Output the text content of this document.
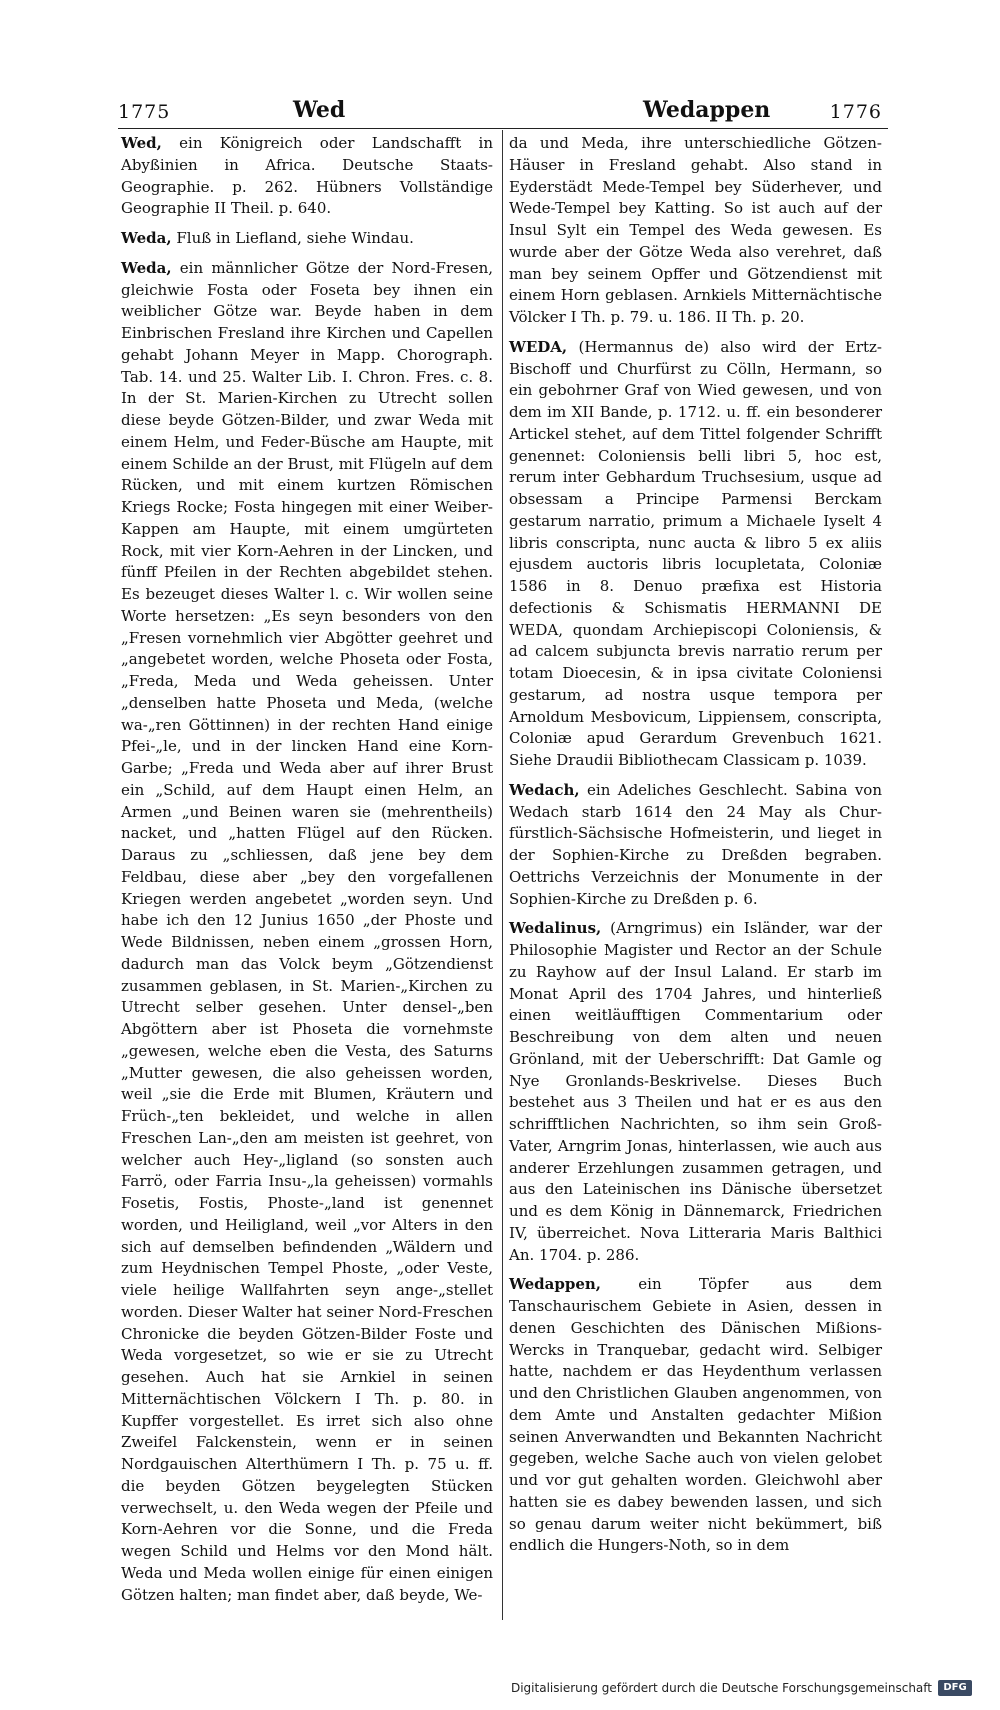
1775	Wed	Wedappen	1776

Wed, ein Königreich oder Landschafft in Abyßinien in Africa. Deutsche Staats-Geographie. p. 262. Hübners Vollständige Geographie II Theil. p. 640.

Weda, Fluß in Liefland, siehe Windau.

Weda, ein männlicher Götze der Nord-Fresen, gleichwie Fosta oder Foseta bey ihnen ein weiblicher Götze war. Beyde haben in dem Einbrischen Fresland ihre Kirchen und Capellen gehabt Johann Meyer in Mapp. Chorograph. Tab. 14. und 25. Walter Lib. I. Chron. Fres. c. 8. In der St. Marien-Kirchen zu Utrecht sollen diese beyde Götzen-Bilder, und zwar Weda mit einem Helm, und Feder-Büsche am Haupte, mit einem Schilde an der Brust, mit Flügeln auf dem Rücken, und mit einem kurtzen Römischen Kriegs Rocke; Fosta hingegen mit einer Weiber-Kappen am Haupte, mit einem umgürteten Rock, mit vier Korn-Aehren in der Lincken, und fünff Pfeilen in der Rechten abgebildet stehen. Es bezeuget dieses Walter l. c. Wir wollen seine Worte hersetzen: „Es seyn besonders von den „Fresen vornehmlich vier Abgötter geehret und „angebetet worden, welche Phoseta oder Fosta, „Freda, Meda und Weda geheissen. Unter „denselben hatte Phoseta und Meda, (welche wa-„ren Göttinnen) in der rechten Hand einige Pfei-„le, und in der lincken Hand eine Korn-Garbe; „Freda und Weda aber auf ihrer Brust ein „Schild, auf dem Haupt einen Helm, an Armen „und Beinen waren sie (mehrentheils) nacket, und „hatten Flügel auf den Rücken. Daraus zu „schliessen, daß jene bey dem Feldbau, diese aber „bey den vorgefallenen Kriegen werden angebetet „worden seyn. Und habe ich den 12 Junius 1650 „der Phoste und Wede Bildnissen, neben einem „grossen Horn, dadurch man das Volck beym „Götzendienst zusammen geblasen, in St. Marien-„Kirchen zu Utrecht selber gesehen. Unter densel-„ben Abgöttern aber ist Phoseta die vornehmste „gewesen, welche eben die Vesta, des Saturns „Mutter gewesen, die also geheissen worden, weil „sie die Erde mit Blumen, Kräutern und Früch-„ten bekleidet, und welche in allen Freschen Lan-„den am meisten ist geehret, von welcher auch Hey-„ligland (so sonsten auch Farrö, oder Farria Insu-„la geheissen) vormahls Fosetis, Fostis, Phoste-„land ist genennet worden, und Heiligland, weil „vor Alters in den sich auf demselben befindenden „Wäldern und zum Heydnischen Tempel Phoste, „oder Veste, viele heilige Wallfahrten seyn ange-„stellet worden. Dieser Walter hat seiner Nord-Freschen Chronicke die beyden Götzen-Bilder Foste und Weda vorgesetzet, so wie er sie zu Utrecht gesehen. Auch hat sie Arnkiel in seinen Mitternächtischen Völckern I Th. p. 80. in Kupffer vorgestellet. Es irret sich also ohne Zweifel Falckenstein, wenn er in seinen Nordgauischen Alterthümern I Th. p. 75 u. ff. die beyden Götzen beygelegten Stücken verwechselt, u. den Weda wegen der Pfeile und Korn-Aehren vor die Sonne, und die Freda wegen Schild und Helms vor den Mond hält. Weda und Meda wollen einige für einen einigen Götzen halten; man findet aber, daß beyde, We-

da und Meda, ihre unterschiedliche Götzen-Häuser in Fresland gehabt. Also stand in Eyderstädt Mede-Tempel bey Süderhever, und Wede-Tempel bey Katting. So ist auch auf der Insul Sylt ein Tempel des Weda gewesen. Es wurde aber der Götze Weda also verehret, daß man bey seinem Opffer und Götzendienst mit einem Horn geblasen. Arnkiels Mitternächtische Völcker I Th. p. 79. u. 186. II Th. p. 20.

WEDA, (Hermannus de) also wird der Ertz-Bischoff und Churfürst zu Cölln, Hermann, so ein gebohrner Graf von Wied gewesen, und von dem im XII Bande, p. 1712. u. ff. ein besonderer Artickel stehet, auf dem Tittel folgender Schrifft genennet: Coloniensis belli libri 5, hoc est, rerum inter Gebhardum Truchsesium, usque ad obsessam a Principe Parmensi Berckam gestarum narratio, primum a Michaele Iyselt 4 libris conscripta, nunc aucta & libro 5 ex aliis ejusdem auctoris libris locupletata, Coloniæ 1586 in 8. Denuo præfixa est Historia defectionis & Schismatis HERMANNI DE WEDA, quondam Archiepiscopi Coloniensis, & ad calcem subjuncta brevis narratio rerum per totam Dioecesin, & in ipsa civitate Coloniensi gestarum, ad nostra usque tempora per Arnoldum Mesbovicum, Lippiensem, conscripta, Coloniæ apud Gerardum Grevenbuch 1621. Siehe Draudii Bibliothecam Classicam p. 1039.

Wedach, ein Adeliches Geschlecht. Sabina von Wedach starb 1614 den 24 May als Chur-fürstlich-Sächsische Hofmeisterin, und lieget in der Sophien-Kirche zu Dreßden begraben. Oettrichs Verzeichnis der Monumente in der Sophien-Kirche zu Dreßden p. 6.

Wedalinus, (Arngrimus) ein Isländer, war der Philosophie Magister und Rector an der Schule zu Rayhow auf der Insul Laland. Er starb im Monat April des 1704 Jahres, und hinterließ einen weitläufftigen Commentarium oder Beschreibung von dem alten und neuen Grönland, mit der Ueberschrifft: Dat Gamle og Nye Gronlands-Beskrivelse. Dieses Buch bestehet aus 3 Theilen und hat er es aus den schrifftlichen Nachrichten, so ihm sein Groß-Vater, Arngrim Jonas, hinterlassen, wie auch aus anderer Erzehlungen zusammen getragen, und aus den Lateinischen ins Dänische übersetzet und es dem König in Dännemarck, Friedrichen IV, überreichet. Nova Litteraria Maris Balthici An. 1704. p. 286.

Wedappen, ein Töpfer aus dem Tanschaurischem Gebiete in Asien, dessen in denen Geschichten des Dänischen Mißions-Wercks in Tranquebar, gedacht wird. Selbiger hatte, nachdem er das Heydenthum verlassen und den Christlichen Glauben angenommen, von dem Amte und Anstalten gedachter Mißion seinen Anverwandten und Bekannten Nachricht gegeben, welche Sache auch von vielen gelobet und vor gut gehalten worden. Gleichwohl aber hatten sie es dabey bewenden lassen, und sich so genau darum weiter nicht bekümmert, biß endlich die Hungers-Noth, so in dem

Digitalisierung gefördert durch die Deutsche Forschungsgemeinschaft	DFG
